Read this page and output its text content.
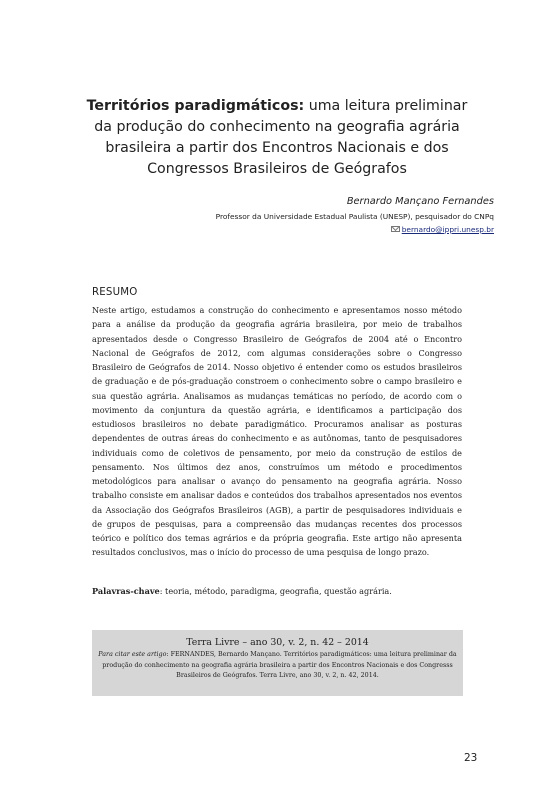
Territórios paradigmáticos: uma leitura preliminar
da produção do conhecimento na geografia agrária
brasileira a partir dos Encontros Nacionais e dos
Congressos Brasileiros de Geógrafos
Bernardo Mançano Fernandes
Professor da Universidade Estadual Paulista (UNESP), pesquisador do CNPq
bernardo@ippri.unesp.br
RESUMO

Neste artigo, estudamos a construção do conhecimento e apresentamos nosso método para a análise da produção da geografia agrária brasileira, por meio de trabalhos apresentados desde o Congresso Brasileiro de Geógrafos de 2004 até o Encontro Nacional de Geógrafos de 2012, com algumas considerações sobre o Congresso Brasileiro de Geógrafos de 2014. Nosso objetivo é entender como os estudos brasileiros de graduação e de pós-graduação constroem o conhecimento sobre o campo brasileiro e sua questão agrária. Analisamos as mudanças temáticas no período, de acordo com o movimento da conjuntura da questão agrária, e identificamos a participação dos estudiosos brasileiros no debate paradigmático. Procuramos analisar as posturas dependentes de outras áreas do conhecimento e as autônomas, tanto de pesquisadores individuais como de coletivos de pensamento, por meio da construção de estilos de pensamento. Nos últimos dez anos, construímos um método e procedimentos metodológicos para analisar o avanço do pensamento na geografia agrária. Nosso trabalho consiste em analisar dados e conteúdos dos trabalhos apresentados nos eventos da Associação dos Geógrafos Brasileiros (AGB), a partir de pesquisadores individuais e de grupos de pesquisas, para a compreensão das mudanças recentes dos processos teórico e político dos temas agrários e da própria geografia. Este artigo não apresenta resultados conclusivos, mas o início do processo de uma pesquisa de longo prazo.

Palavras-chave: teoria, método, paradigma, geografia, questão agrária.
Terra Livre – ano 30, v. 2, n. 42 – 2014
Para citar este artigo: FERNANDES, Bernardo Mançano. Territórios paradigmáticos: uma leitura preliminar da produção do conhecimento na geografia agrária brasileira a partir dos Encontros Nacionais e dos Congresss Brasileiros de Geógrafos. Terra Livre, ano 30, v. 2, n. 42, 2014.
23
